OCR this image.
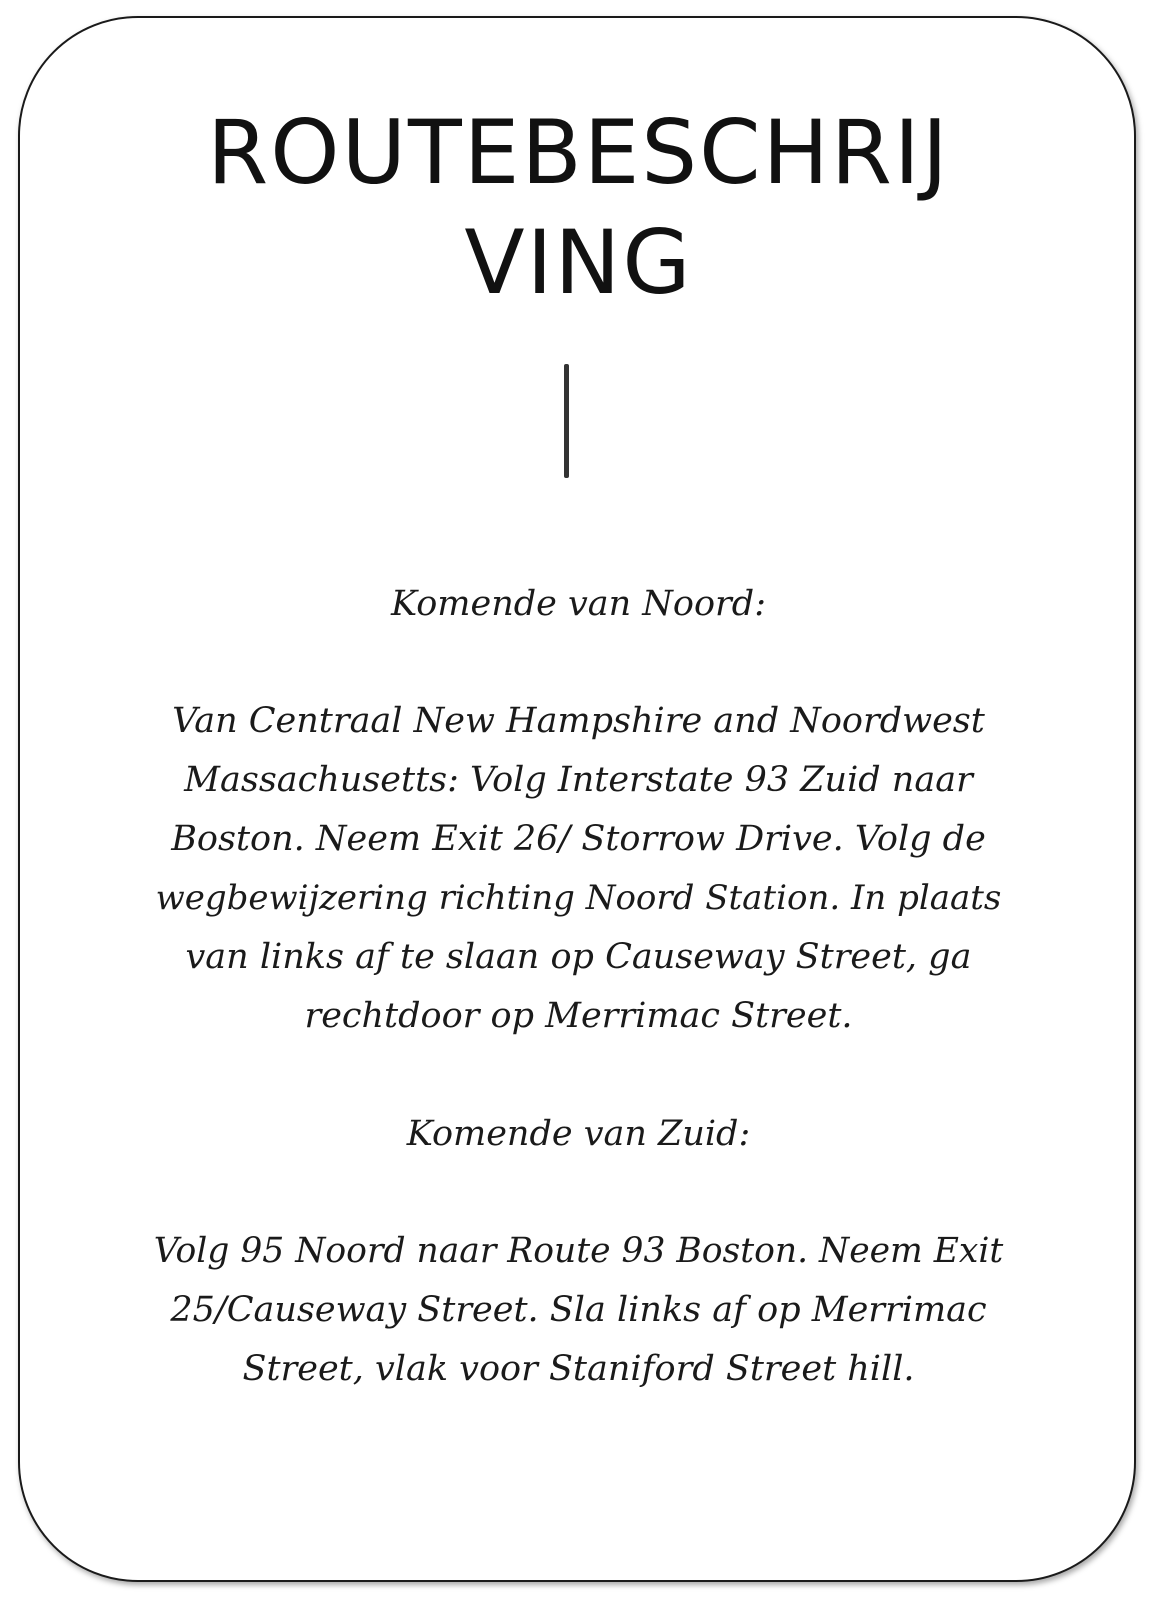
ROUTEBESCHRIJ
VING

Komende van Noord:

Van Centraal New Hampshire and Noordwest
Massachusetts: Volg Interstate 93 Zuid naar
Boston. Neem Exit 26/ Storrow Drive. Volg de
wegbewijzering richting Noord Station. In plaats
van links af te slaan op Causeway Street, ga
rechtdoor op Merrimac Street.

Komende van Zuid:

Volg 95 Noord naar Route 93 Boston. Neem Exit
25/Causeway Street. Sla links af op Merrimac
Street, vlak voor Staniford Street hill.
